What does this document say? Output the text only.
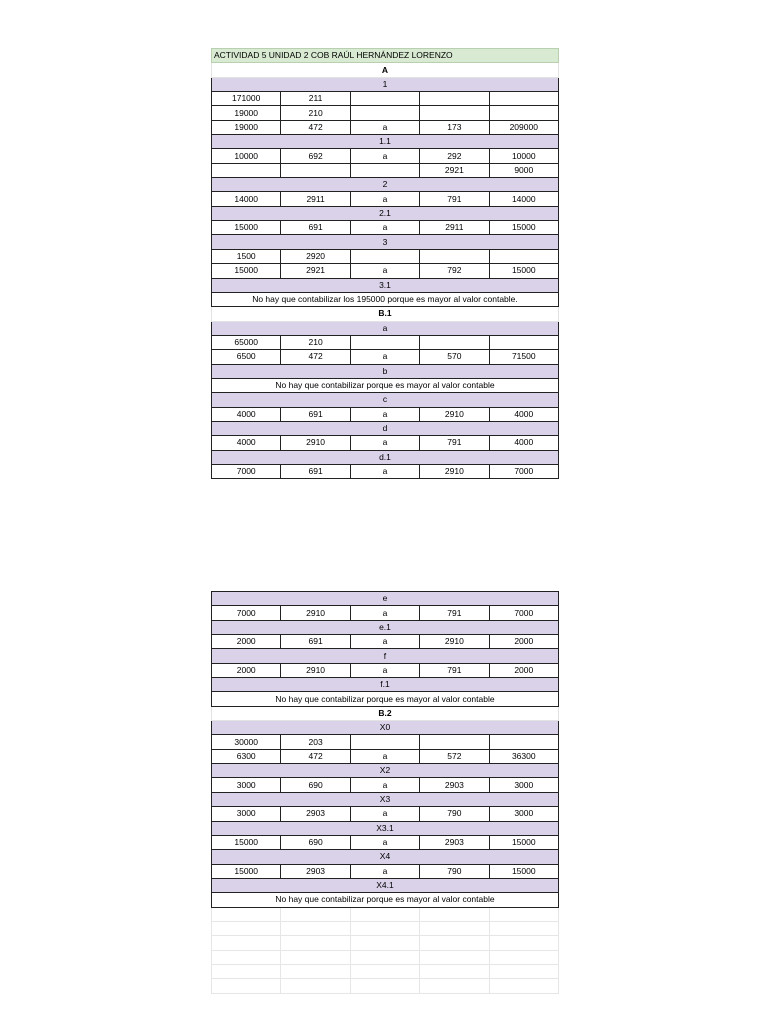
ACTIVIDAD 5 UNIDAD 2 COB RAÚL HERNÁNDEZ LORENZO				
A				
1				
171000	211			
19000	210			
19000	472	a	173	209000
1.1				
10000	692	a	292	10000
			2921	9000
2				
14000	2911	a	791	14000
2.1				
15000	691	a	2911	15000
3				
1500	2920			
15000	2921	a	792	15000
3.1				
No hay que contabilizar los 195000 porque es mayor al valor contable.				
B.1				
a				
65000	210			
6500	472	a	570	71500
b				
No hay que contabilizar porque es mayor al valor contable				
c				
4000	691	a	2910	4000
d				
4000	2910	a	791	4000
d.1				
7000	691	a	2910	7000
e				
7000	2910	a	791	7000
e.1				
2000	691	a	2910	2000
f				
2000	2910	a	791	2000
f.1				
No hay que contabilizar porque es mayor al valor contable				
B.2				
X0				
30000	203			
6300	472	a	572	36300
X2				
3000	690	a	2903	3000
X3				
3000	2903	a	790	3000
X3.1				
15000	690	a	2903	15000
X4				
15000	2903	a	790	15000
X4.1				
No hay que contabilizar porque es mayor al valor contable				
